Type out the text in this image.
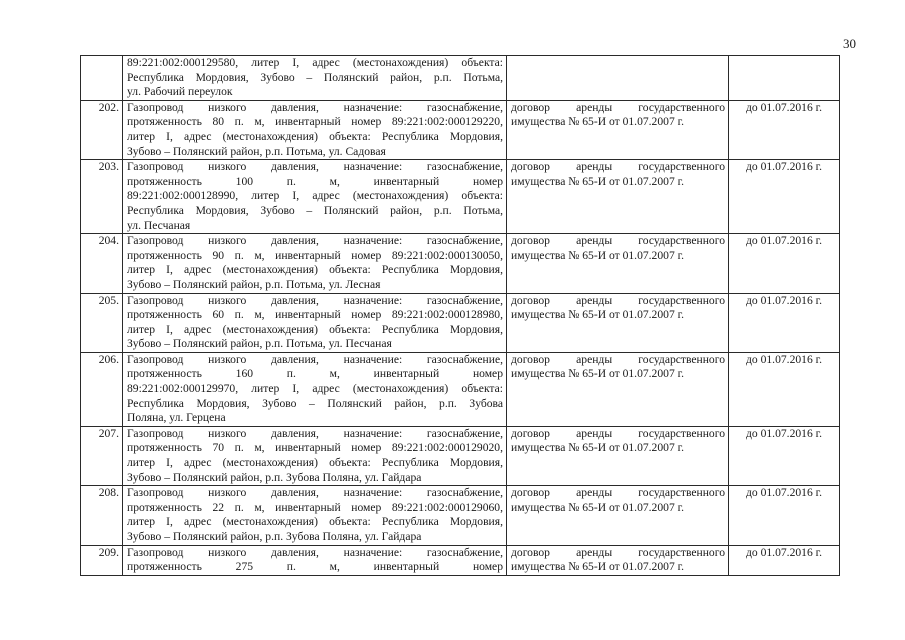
30

	89:221:002:000129580, литер I, адрес (местонахождения) объекта:
Республика Мордовия, Зубово – Полянский район, р.п. Потьма,
ул. Рабочий переулок		

202.	Газопровод низкого давления, назначение: газоснабжение,
протяженность 80 п. м, инвентарный номер 89:221:002:000129220,
литер I, адрес (местонахождения) объекта: Республика Мордовия,
Зубово – Полянский район, р.п. Потьма, ул. Садовая	договор аренды государственного
имущества № 65-И от 01.07.2007 г.	до 01.07.2016 г.
203.	Газопровод низкого давления, назначение: газоснабжение,
протяженность 100 п. м, инвентарный номер
89:221:002:000128990, литер I, адрес (местонахождения) объекта:
Республика Мордовия, Зубово – Полянский район, р.п. Потьма,
ул. Песчаная	договор аренды государственного
имущества № 65-И от 01.07.2007 г.	до 01.07.2016 г.
204.	Газопровод низкого давления, назначение: газоснабжение,
протяженность 90 п. м, инвентарный номер 89:221:002:000130050,
литер I, адрес (местонахождения) объекта: Республика Мордовия,
Зубово – Полянский район, р.п. Потьма, ул. Лесная	договор аренды государственного
имущества № 65-И от 01.07.2007 г.	до 01.07.2016 г.
205.	Газопровод низкого давления, назначение: газоснабжение,
протяженность 60 п. м, инвентарный номер 89:221:002:000128980,
литер I, адрес (местонахождения) объекта: Республика Мордовия,
Зубово – Полянский район, р.п. Потьма, ул. Песчаная	договор аренды государственного
имущества № 65-И от 01.07.2007 г.	до 01.07.2016 г.
206.	Газопровод низкого давления, назначение: газоснабжение,
протяженность 160 п. м, инвентарный номер
89:221:002:000129970, литер I, адрес (местонахождения) объекта:
Республика Мордовия, Зубово – Полянский район, р.п. Зубова
Поляна, ул. Герцена	договор аренды государственного
имущества № 65-И от 01.07.2007 г.	до 01.07.2016 г.
207.	Газопровод низкого давления, назначение: газоснабжение,
протяженность 70 п. м, инвентарный номер 89:221:002:000129020,
литер I, адрес (местонахождения) объекта: Республика Мордовия,
Зубово – Полянский район, р.п. Зубова Поляна, ул. Гайдара	договор аренды государственного
имущества № 65-И от 01.07.2007 г.	до 01.07.2016 г.
208.	Газопровод низкого давления, назначение: газоснабжение,
протяженность 22 п. м, инвентарный номер 89:221:002:000129060,
литер I, адрес (местонахождения) объекта: Республика Мордовия,
Зубово – Полянский район, р.п. Зубова Поляна, ул. Гайдара	договор аренды государственного
имущества № 65-И от 01.07.2007 г.	до 01.07.2016 г.
209.	Газопровод низкого давления, назначение: газоснабжение,
протяженность 275 п. м, инвентарный номер	договор аренды государственного
имущества № 65-И от 01.07.2007 г.	до 01.07.2016 г.
